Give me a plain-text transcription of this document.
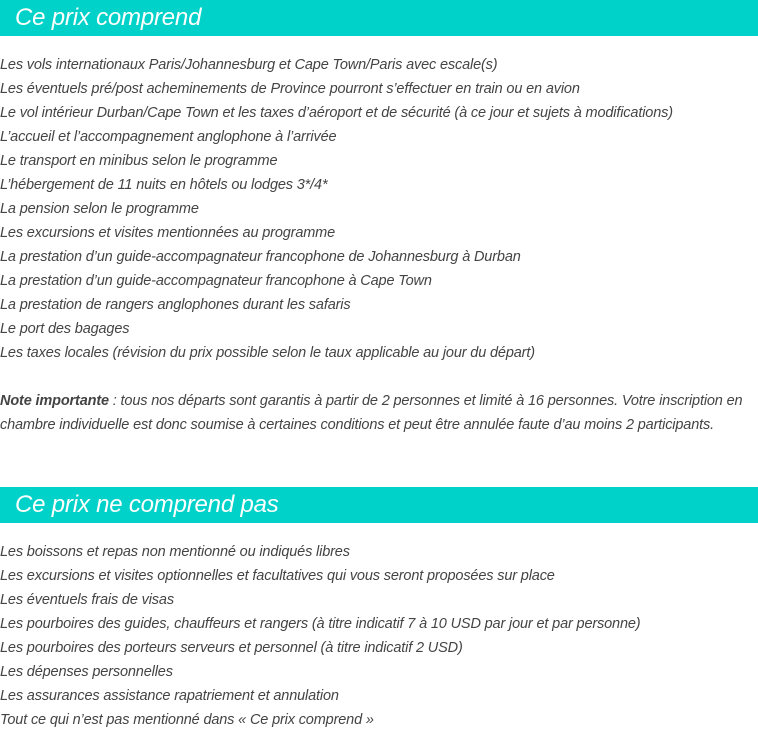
Ce prix comprend
Les vols internationaux Paris/Johannesburg et Cape Town/Paris avec escale(s)
Les éventuels pré/post acheminements de Province pourront s’effectuer en train ou en avion
Le vol intérieur Durban/Cape Town et les taxes d’aéroport et de sécurité (à ce jour et sujets à modifications)
L’accueil et l’accompagnement anglophone à l’arrivée
Le transport en minibus selon le programme
L’hébergement de 11 nuits en hôtels ou lodges 3*/4*
La pension selon le programme
Les excursions et visites mentionnées au programme
La prestation d’un guide-accompagnateur francophone de Johannesburg à Durban
La prestation d’un guide-accompagnateur francophone à Cape Town
La prestation de rangers anglophones durant les safaris
Le port des bagages
Les taxes locales (révision du prix possible selon le taux applicable au jour du départ)

Note importante : tous nos départs sont garantis à partir de 2 personnes et limité à 16 personnes. Votre inscription en chambre individuelle est donc soumise à certaines conditions et peut être annulée faute d’au moins 2 participants.

Ce prix ne comprend pas
Les boissons et repas non mentionné ou indiqués libres
Les excursions et visites optionnelles et facultatives qui vous seront proposées sur place
Les éventuels frais de visas
Les pourboires des guides, chauffeurs et rangers (à titre indicatif 7 à 10 USD par jour et par personne)
Les pourboires des porteurs serveurs et personnel (à titre indicatif 2 USD)
Les dépenses personnelles
Les assurances assistance rapatriement et annulation
Tout ce qui n’est pas mentionné dans « Ce prix comprend »
